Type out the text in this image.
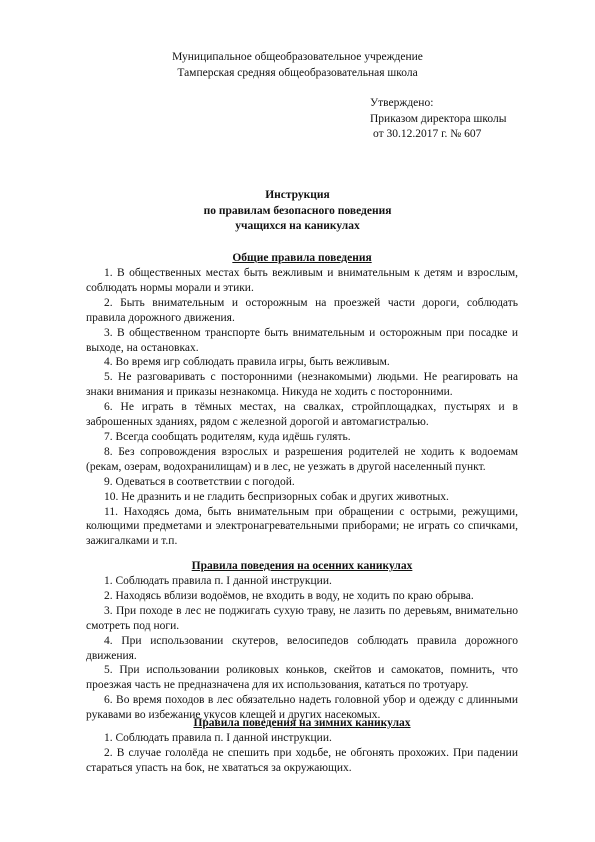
Муниципальное общеобразовательное учреждение
Тамперская средняя общеобразовательная школа
Утверждено:
Приказом директора школы
от 30.12.2017 г. № 607
Инструкция
по правилам безопасного поведения
учащихся на каникулах
Общие правила поведения

1. В общественных местах быть вежливым и внимательным к детям и взрослым, соблюдать нормы морали и этики.

2. Быть внимательным и осторожным на проезжей части дороги, соблюдать правила дорожного движения.

3. В общественном транспорте быть внимательным и осторожным при посадке и выходе, на остановках.

4. Во время игр соблюдать правила игры, быть вежливым.

5. Не разговаривать с посторонними (незнакомыми) людьми. Не реагировать на знаки внимания и приказы незнакомца. Никуда не ходить с посторонними.

6. Не играть в тёмных местах, на свалках, стройплощадках, пустырях и в заброшенных зданиях, рядом с железной дорогой и автомагистралью.

7. Всегда сообщать родителям, куда идёшь гулять.

8. Без сопровождения взрослых и разрешения родителей не ходить к водоемам (рекам, озерам, водохранилищам) и в лес, не уезжать в другой населенный пункт.

9. Одеваться в соответствии с погодой.

10. Не дразнить и не гладить беспризорных собак и других животных.

11. Находясь дома, быть внимательным при обращении с острыми, режущими, колющими предметами и электронагревательными приборами; не играть со спичками, зажигалками и т.п.

Правила поведения на осенних каникулах

1. Соблюдать правила п. I данной инструкции.

2. Находясь вблизи водоёмов, не входить в воду, не ходить по краю обрыва.

3. При походе в лес не поджигать сухую траву, не лазить по деревьям, внимательно смотреть под ноги.

4. При использовании скутеров, велосипедов соблюдать правила дорожного движения.

5. При использовании роликовых коньков, скейтов и самокатов, помнить, что проезжая часть не предназначена для их использования, кататься по тротуару.

6. Во время походов в лес обязательно надеть головной убор и одежду с длинными рукавами во избежание укусов клещей и других насекомых.

Правила поведения на зимних каникулах

1. Соблюдать правила п. I данной инструкции.

2. В случае гололёда не спешить при ходьбе, не обгонять прохожих. При падении стараться упасть на бок, не хвататься за окружающих.
